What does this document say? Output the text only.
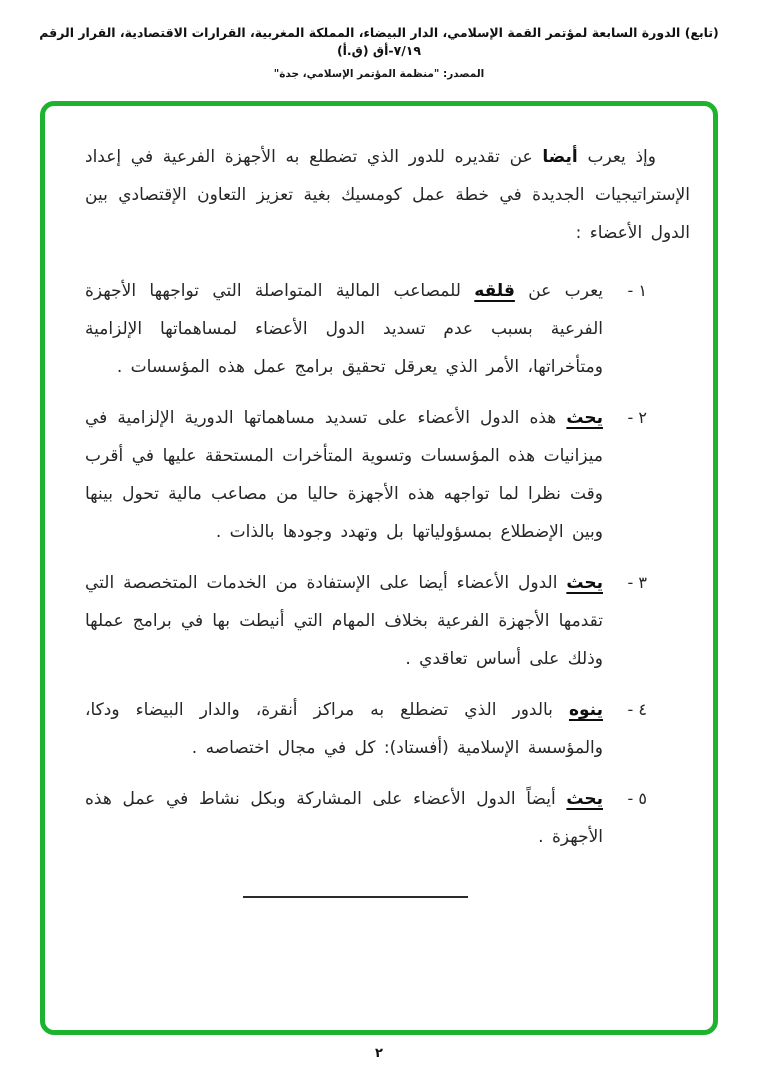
(تابع) الدورة السابعة لمؤتمر القمة الإسلامي، الدار البيضاء، المملكة المغربية، القرارات الاقتصادية، القرار الرقم ٧/١٩-أق (ق.أ)
المصدر: "منظمة المؤتمر الإسلامي، جدة"

وإذ يعرب أيضا عن تقديره للدور الذي تضطلع به الأجهزة الفرعية في إعداد الإستراتيجيات الجديدة في خطة عمل كومسيك بغية تعزيز التعاون الإقتصادي بين الدول الأعضاء :

١ -

يعرب عن قلقه للمصاعب المالية المتواصلة التي تواجهها الأجهزة الفرعية بسبب عدم تسديد الدول الأعضاء لمساهماتها الإلزامية ومتأخراتها، الأمر الذي يعرقل تحقيق برامج عمل هذه المؤسسات .

٢ -

يحث هذه الدول الأعضاء على تسديد مساهماتها الدورية الإلزامية في ميزانيات هذه المؤسسات وتسوية المتأخرات المستحقة عليها في أقرب وقت نظرا لما تواجهه هذه الأجهزة حاليا من مصاعب مالية تحول بينها وبين الإضطلاع بمسؤولياتها بل وتهدد وجودها بالذات .

٣ -

يحث الدول الأعضاء أيضا على الإستفادة من الخدمات المتخصصة التي تقدمها الأجهزة الفرعية بخلاف المهام التي أنيطت بها في برامج عملها وذلك على أساس تعاقدي .

٤ -

ينوه بالدور الذي تضطلع به مراكز أنقرة، والدار البيضاء ودكا، والمؤسسة الإسلامية (أفستاد): كل في مجال اختصاصه .

٥ -

يحث أيضاً الدول الأعضاء على المشاركة وبكل نشاط في عمل هذه الأجهزة .

٢
